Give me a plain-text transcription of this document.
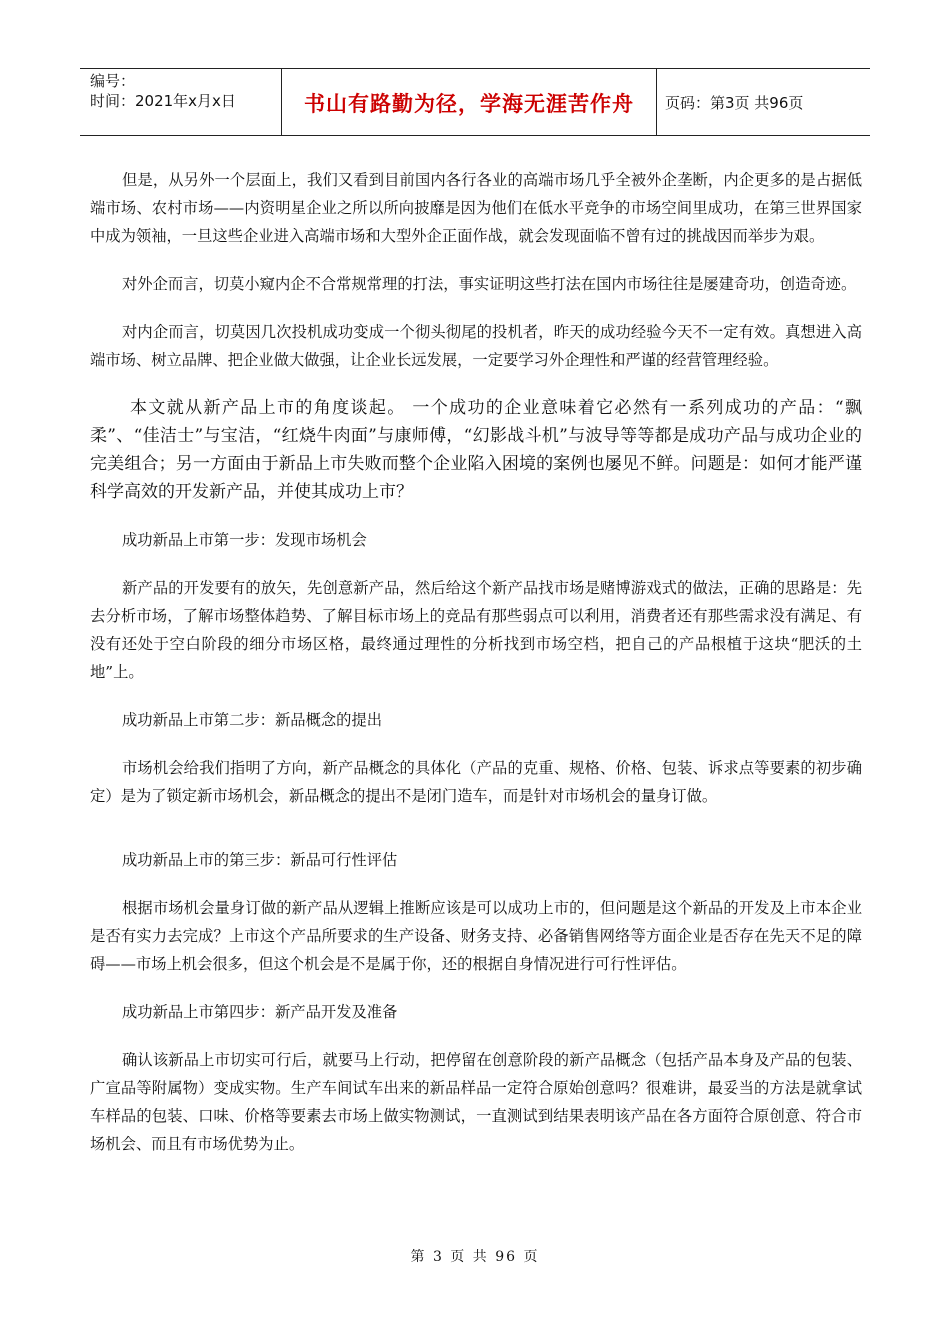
编号：
时间：2021年x月x日	书山有路勤为径，学海无涯苦作舟	页码：第3页 共96页

但是，从另外一个层面上，我们又看到目前国内各行各业的高端市场几乎全被外企垄断，内企更多的是占据低端市场、农村市场——内资明星企业之所以所向披靡是因为他们在低水平竞争的市场空间里成功，在第三世界国家中成为领袖，一旦这些企业进入高端市场和大型外企正面作战，就会发现面临不曾有过的挑战因而举步为艰。

对外企而言，切莫小窥内企不合常规常理的打法，事实证明这些打法在国内市场往往是屡建奇功，创造奇迹。

对内企而言，切莫因几次投机成功变成一个彻头彻尾的投机者，昨天的成功经验今天不一定有效。真想进入高端市场、树立品牌、把企业做大做强，让企业长远发展，一定要学习外企理性和严谨的经营管理经验。

本文就从新产品上市的角度谈起。 一个成功的企业意味着它必然有一系列成功的产品：“飘柔”、“佳洁士”与宝洁，“红烧牛肉面”与康师傅，“幻影战斗机”与波导等等都是成功产品与成功企业的完美组合；另一方面由于新品上市失败而整个企业陷入困境的案例也屡见不鲜。问题是：如何才能严谨科学高效的开发新产品，并使其成功上市？

成功新品上市第一步：发现市场机会

新产品的开发要有的放矢，先创意新产品，然后给这个新产品找市场是赌博游戏式的做法，正确的思路是：先去分析市场，了解市场整体趋势、了解目标市场上的竞品有那些弱点可以利用，消费者还有那些需求没有满足、有没有还处于空白阶段的细分市场区格，最终通过理性的分析找到市场空档，把自己的产品根植于这块“肥沃的土地”上。

成功新品上市第二步：新品概念的提出

市场机会给我们指明了方向，新产品概念的具体化（产品的克重、规格、价格、包装、诉求点等要素的初步确定）是为了锁定新市场机会，新品概念的提出不是闭门造车，而是针对市场机会的量身订做。

成功新品上市的第三步：新品可行性评估

根据市场机会量身订做的新产品从逻辑上推断应该是可以成功上市的，但问题是这个新品的开发及上市本企业是否有实力去完成？上市这个产品所要求的生产设备、财务支持、必备销售网络等方面企业是否存在先天不足的障碍——市场上机会很多，但这个机会是不是属于你，还的根据自身情况进行可行性评估。

成功新品上市第四步：新产品开发及准备

确认该新品上市切实可行后，就要马上行动，把停留在创意阶段的新产品概念（包括产品本身及产品的包装、广宣品等附属物）变成实物。生产车间试车出来的新品样品一定符合原始创意吗？很难讲，最妥当的方法是就拿试车样品的包装、口味、价格等要素去市场上做实物测试，一直测试到结果表明该产品在各方面符合原创意、符合市场机会、而且有市场优势为止。

第 3 页 共 96 页
